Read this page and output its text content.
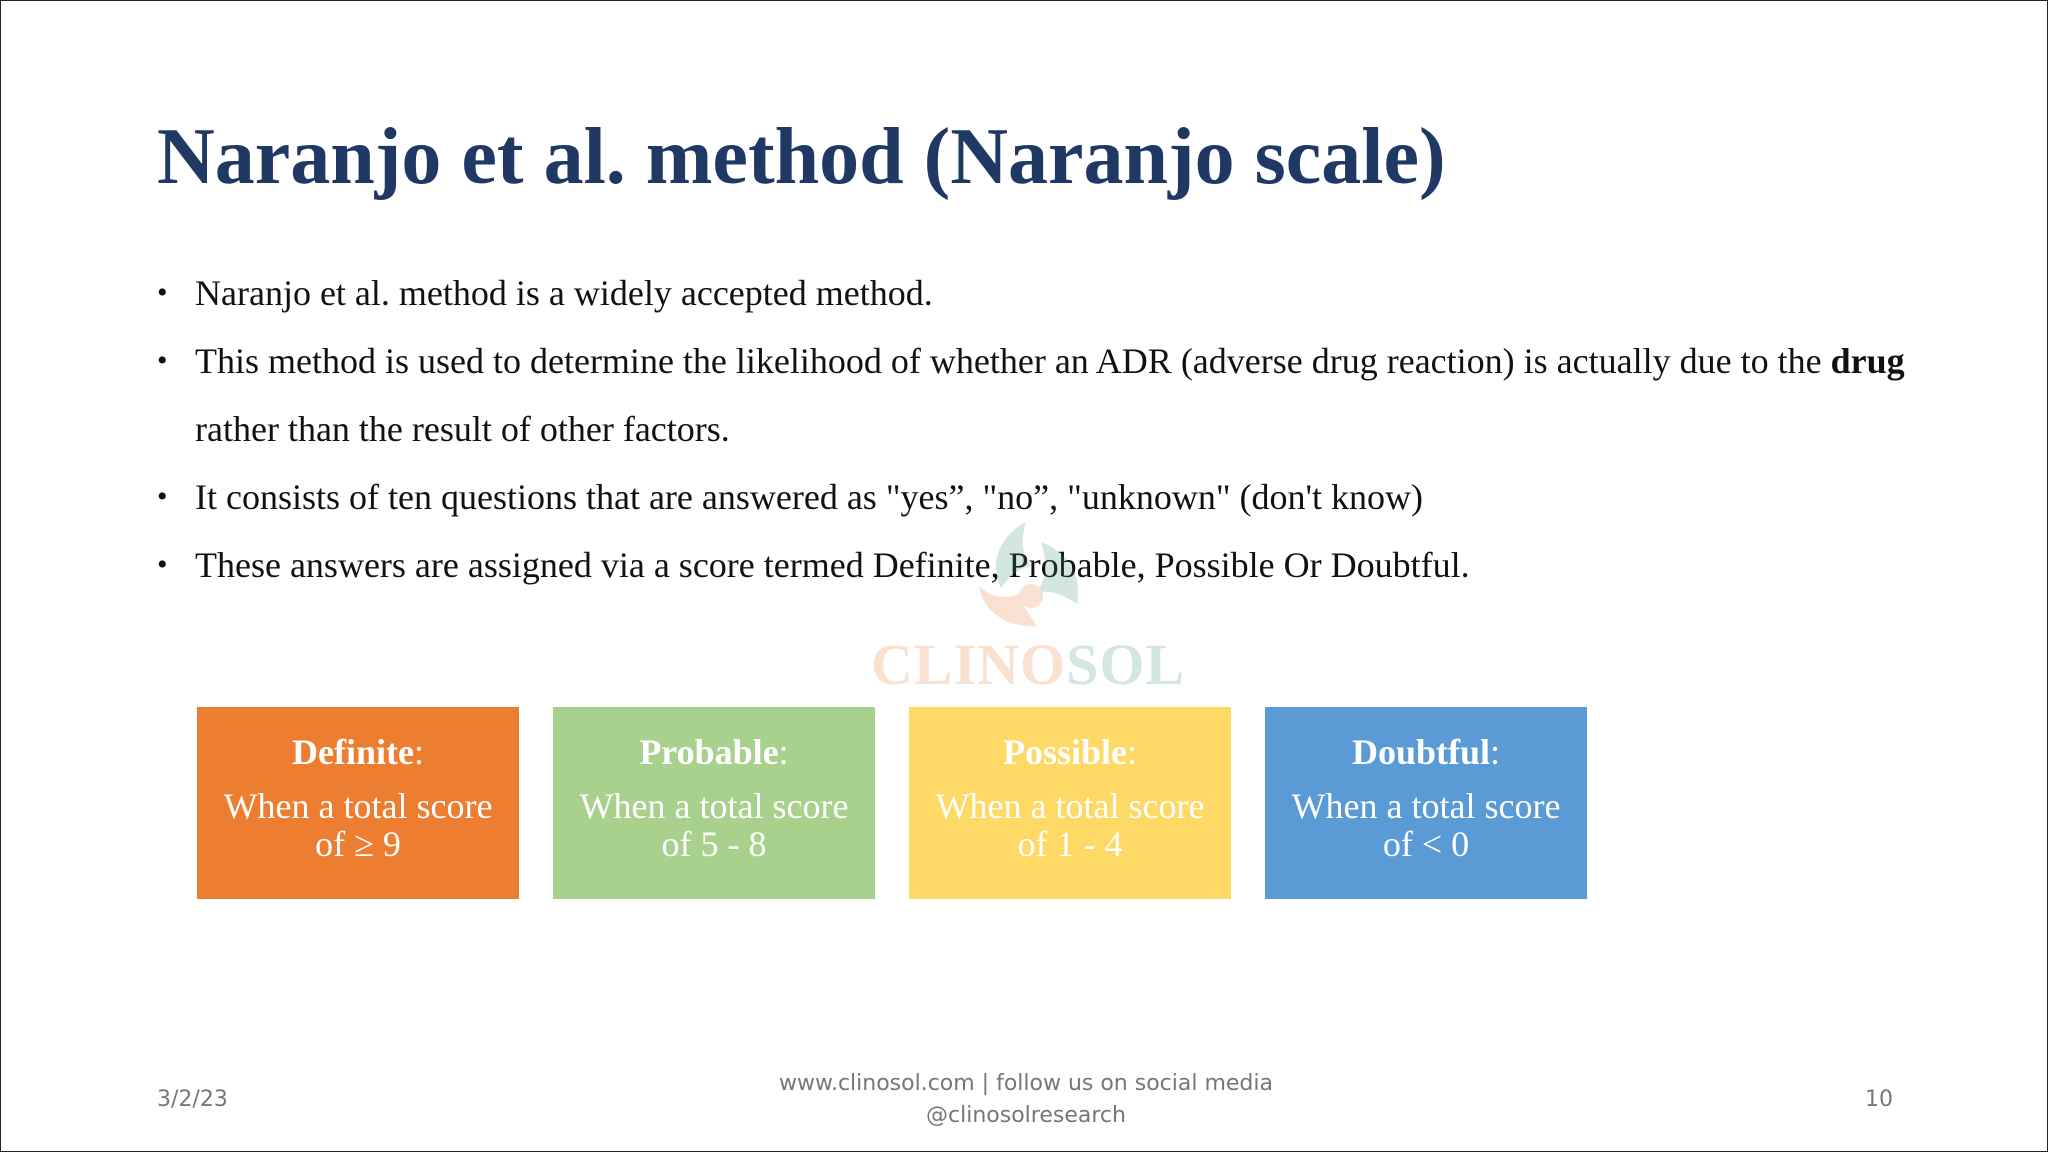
Naranjo et al. method (Naranjo scale)
• Naranjo et al. method is a widely accepted method.
• This method is used to determine the likelihood of whether an ADR (adverse drug reaction) is actually due to the drug rather than the result of other factors.
• It consists of ten questions that are answered as "yes”, "no”, "unknown" (don't know)
• These answers are assigned via a score termed Definite, Probable, Possible Or Doubtful.
CLINOSOL
Definite:
When a total score
of ≥ 9
Probable:
When a total score
of 5 - 8
Possible:
When a total score
of 1 - 4
Doubtful:
When a total score
of < 0
3/2/23
www.clinosol.com | follow us on social media
@clinosolresearch
10
